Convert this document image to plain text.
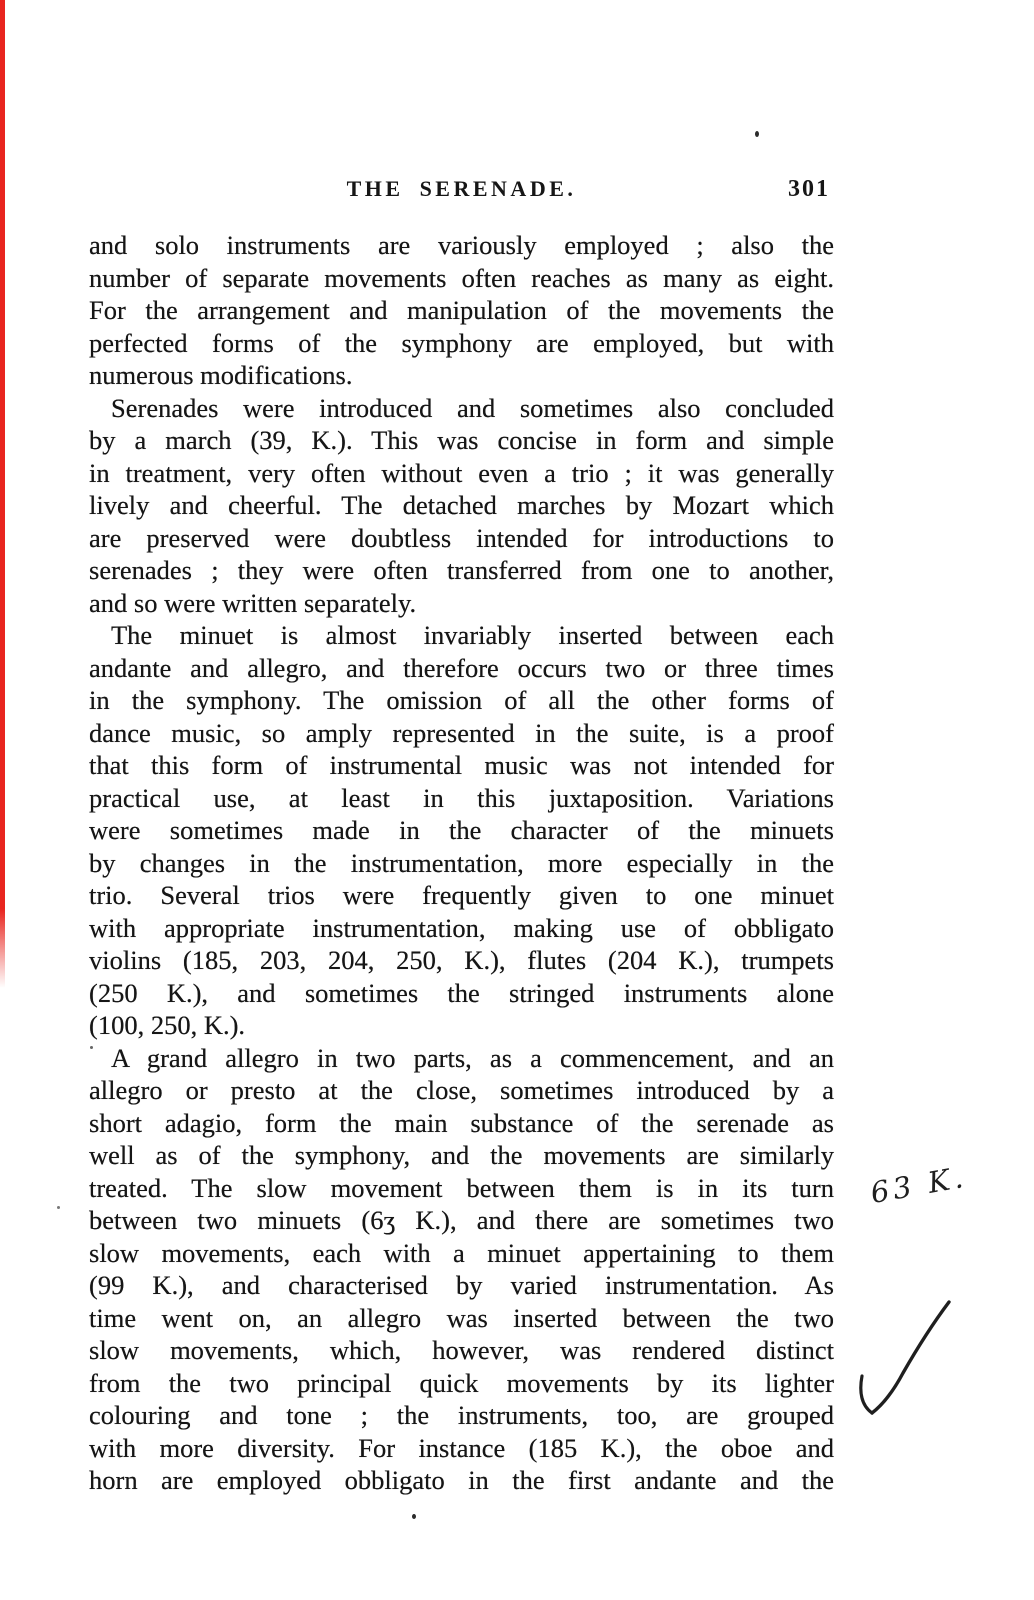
THE SERENADE.	301
and solo instruments are variously employed ; also the
number of separate movements often reaches as many as eight.
For the arrangement and manipulation of the movements the
perfected forms of the symphony are employed, but with
numerous modifications.
Serenades were introduced and sometimes also concluded
by a march (39, K.). This was concise in form and simple
in treatment, very often without even a trio ; it was generally
lively and cheerful. The detached marches by Mozart which
are preserved were doubtless intended for introductions to
serenades ; they were often transferred from one to another,
and so were written separately.
The minuet is almost invariably inserted between each
andante and allegro, and therefore occurs two or three times
in the symphony. The omission of all the other forms of
dance music, so amply represented in the suite, is a proof
that this form of instrumental music was not intended for
practical use, at least in this juxtaposition. Variations
were sometimes made in the character of the minuets
by changes in the instrumentation, more especially in the
trio. Several trios were frequently given to one minuet
with appropriate instrumentation, making use of obbligato
violins (185, 203, 204, 250, K.), flutes (204 K.), trumpets
(250 K.), and sometimes the stringed instruments alone
(100, 250, K.).
A grand allegro in two parts, as a commencement, and an
allegro or presto at the close, sometimes introduced by a
short adagio, form the main substance of the serenade as
well as of the symphony, and the movements are similarly
treated. The slow movement between them is in its turn
between two minuets (6ʒ K.), and there are sometimes two
slow movements, each with a minuet appertaining to them
(99 K.), and characterised by varied instrumentation. As
time went on, an allegro was inserted between the two
slow movements, which, however, was rendered distinct
from the two principal quick movements by its lighter
colouring and tone ; the instruments, too, are grouped
with more diversity. For instance (185 K.), the oboe and
horn are employed obbligato in the first andante and the
63 K.
